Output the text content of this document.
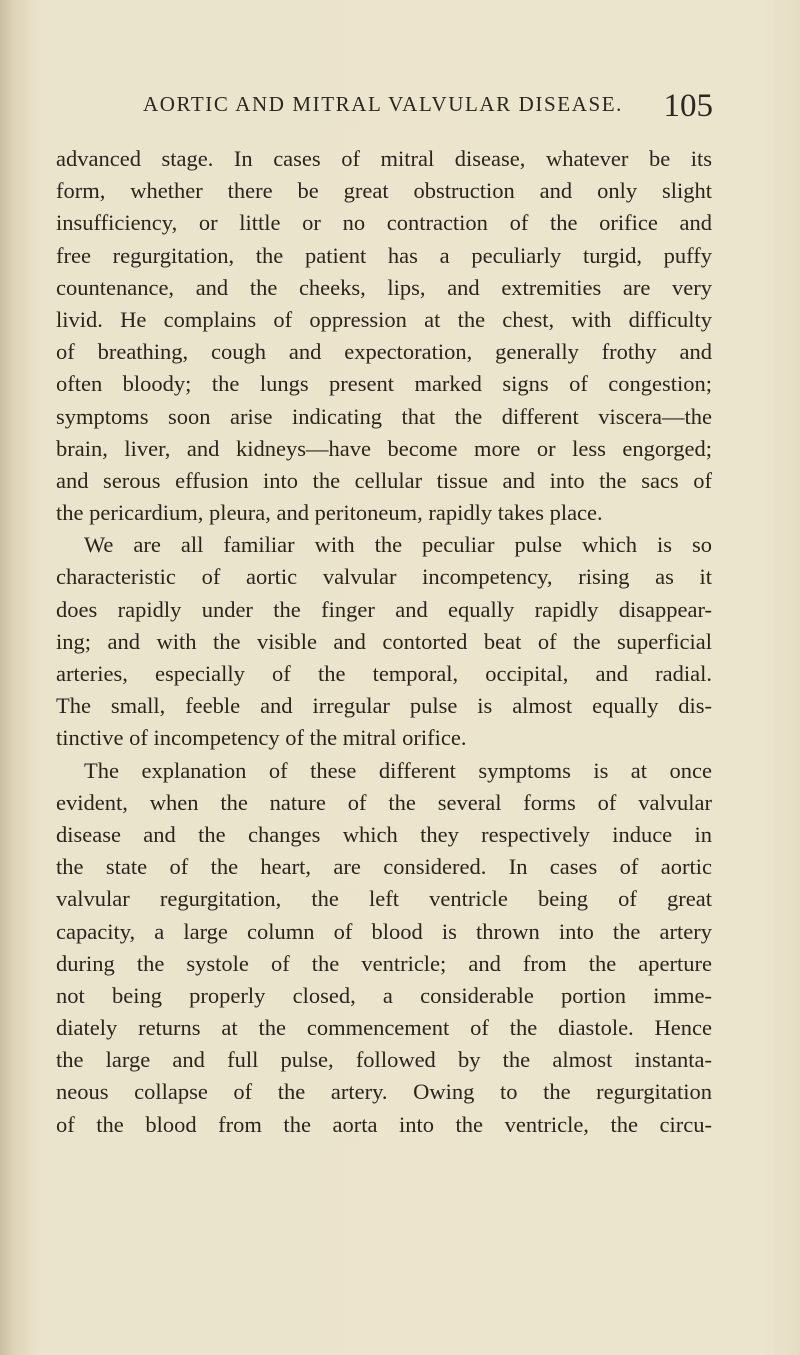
AORTIC AND MITRAL VALVULAR DISEASE. 105
advanced stage. In cases of mitral disease, whatever be its
form, whether there be great obstruction and only slight
insufficiency, or little or no contraction of the orifice and
free regurgitation, the patient has a peculiarly turgid, puffy
countenance, and the cheeks, lips, and extremities are very
livid. He complains of oppression at the chest, with difficulty
of breathing, cough and expectoration, generally frothy and
often bloody; the lungs present marked signs of congestion;
symptoms soon arise indicating that the different viscera—the
brain, liver, and kidneys—have become more or less engorged;
and serous effusion into the cellular tissue and into the sacs of
the pericardium, pleura, and peritoneum, rapidly takes place.
We are all familiar with the peculiar pulse which is so
characteristic of aortic valvular incompetency, rising as it
does rapidly under the finger and equally rapidly disappear-
ing; and with the visible and contorted beat of the superficial
arteries, especially of the temporal, occipital, and radial.
The small, feeble and irregular pulse is almost equally dis-
tinctive of incompetency of the mitral orifice.
The explanation of these different symptoms is at once
evident, when the nature of the several forms of valvular
disease and the changes which they respectively induce in
the state of the heart, are considered. In cases of aortic
valvular regurgitation, the left ventricle being of great
capacity, a large column of blood is thrown into the artery
during the systole of the ventricle; and from the aperture
not being properly closed, a considerable portion imme-
diately returns at the commencement of the diastole. Hence
the large and full pulse, followed by the almost instanta-
neous collapse of the artery. Owing to the regurgitation
of the blood from the aorta into the ventricle, the circu-
